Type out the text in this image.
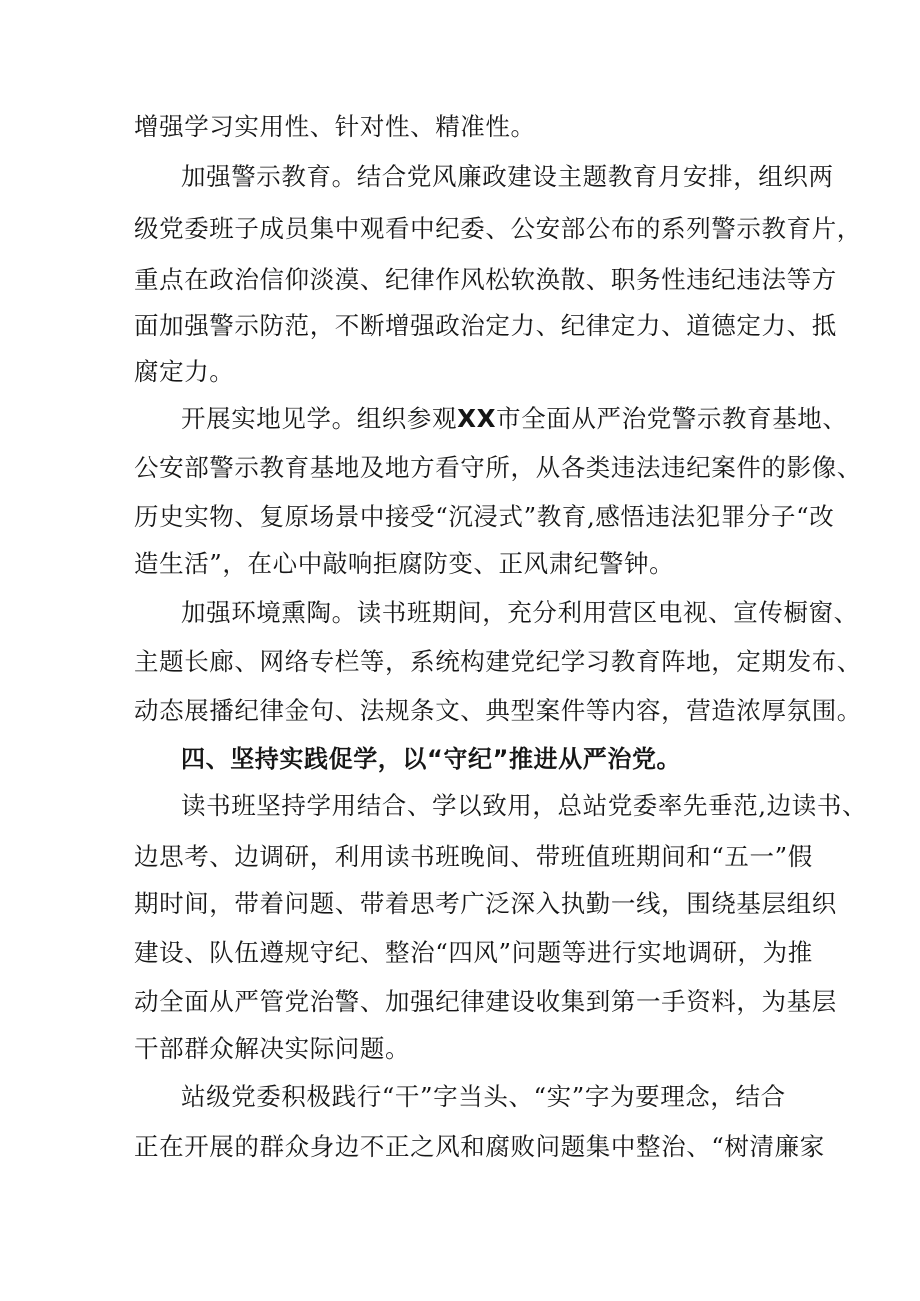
增强学习实用性、针对性、精准性。
加强警示教育。结合党风廉政建设主题教育月安排，组织两
级党委班子成员集中观看中纪委、公安部公布的系列警示教育片，
重点在政治信仰淡漠、纪律作风松软涣散、职务性违纪违法等方
面加强警示防范，不断增强政治定力、纪律定力、道德定力、抵
腐定力。
开展实地见学。组织参观XX市全面从严治党警示教育基地、
公安部警示教育基地及地方看守所，从各类违法违纪案件的影像、
历史实物、复原场景中接受“沉浸式”教育,感悟违法犯罪分子“改
造生活”，在心中敲响拒腐防变、正风肃纪警钟。
加强环境熏陶。读书班期间，充分利用营区电视、宣传橱窗、
主题长廊、网络专栏等，系统构建党纪学习教育阵地，定期发布、
动态展播纪律金句、法规条文、典型案件等内容，营造浓厚氛围。
四、坚持实践促学，以“守纪”推进从严治党。
读书班坚持学用结合、学以致用，总站党委率先垂范,边读书、
边思考、边调研，利用读书班晚间、带班值班期间和“五一”假
期时间，带着问题、带着思考广泛深入执勤一线，围绕基层组织
建设、队伍遵规守纪、整治“四风”问题等进行实地调研，为推
动全面从严管党治警、加强纪律建设收集到第一手资料，为基层
干部群众解决实际问题。
站级党委积极践行“干”字当头、“实”字为要理念，结合
正在开展的群众身边不正之风和腐败问题集中整治、“树清廉家
